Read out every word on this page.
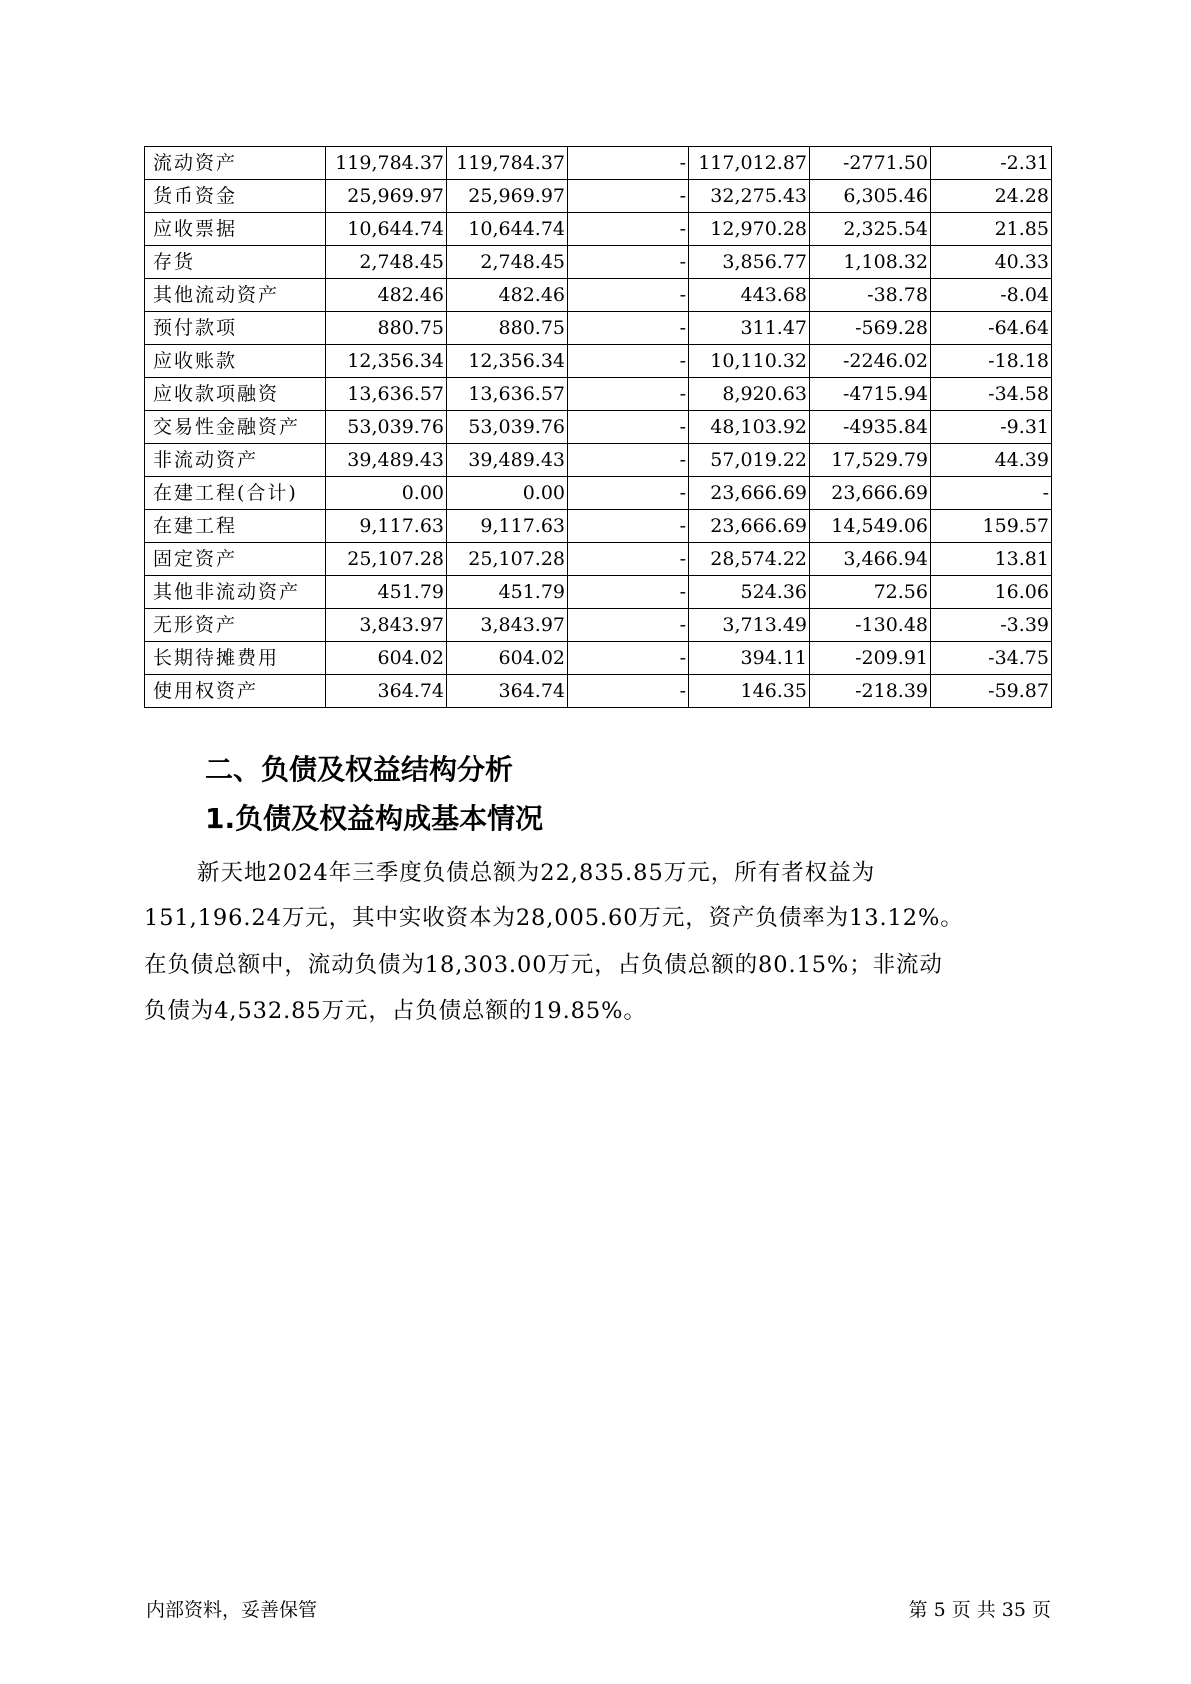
流动资产	119,784.37	119,784.37	-	117,012.87	-2771.50	-2.31
货币资金	25,969.97	25,969.97	-	32,275.43	6,305.46	24.28
应收票据	10,644.74	10,644.74	-	12,970.28	2,325.54	21.85
存货	2,748.45	2,748.45	-	3,856.77	1,108.32	40.33
其他流动资产	482.46	482.46	-	443.68	-38.78	-8.04
预付款项	880.75	880.75	-	311.47	-569.28	-64.64
应收账款	12,356.34	12,356.34	-	10,110.32	-2246.02	-18.18
应收款项融资	13,636.57	13,636.57	-	8,920.63	-4715.94	-34.58
交易性金融资产	53,039.76	53,039.76	-	48,103.92	-4935.84	-9.31
非流动资产	39,489.43	39,489.43	-	57,019.22	17,529.79	44.39
在建工程(合计)	0.00	0.00	-	23,666.69	23,666.69	-
在建工程	9,117.63	9,117.63	-	23,666.69	14,549.06	159.57
固定资产	25,107.28	25,107.28	-	28,574.22	3,466.94	13.81
其他非流动资产	451.79	451.79	-	524.36	72.56	16.06
无形资产	3,843.97	3,843.97	-	3,713.49	-130.48	-3.39
长期待摊费用	604.02	604.02	-	394.11	-209.91	-34.75
使用权资产	364.74	364.74	-	146.35	-218.39	-59.87
二、负债及权益结构分析
1.负债及权益构成基本情况
新天地2024年三季度负债总额为22,835.85万元，所有者权益为
151,196.24万元，其中实收资本为28,005.60万元，资产负债率为13.12%。
在负债总额中，流动负债为18,303.00万元，占负债总额的80.15%；非流动
负债为4,532.85万元，占负债总额的19.85%。
内部资料，妥善保管	第 5 页 共 35 页
